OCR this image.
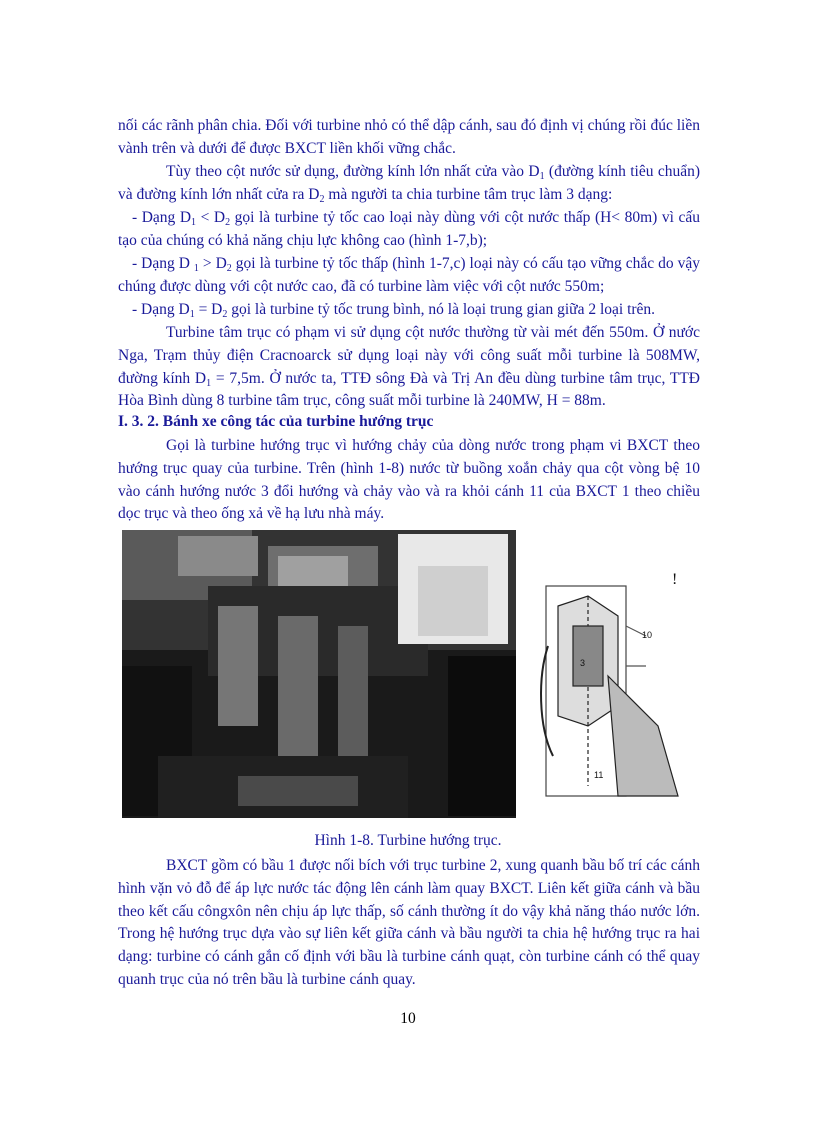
nối các rãnh phân chia. Đối với turbine nhỏ có thể dập cánh, sau đó định vị chúng rồi đúc liền vành trên và dưới để được BXCT liền khối vững chắc.

Tùy theo cột nước sử dụng, đường kính lớn nhất cửa vào $D_1$ (đường kính tiêu chuẩn) và đường kính lớn nhất cửa ra $D_2$ mà người ta chia turbine tâm trục làm 3 dạng:

- Dạng $D_1 < D_2$ gọi là turbine tỷ tốc cao loại này dùng với cột nước thấp (H< 80m) vì cấu tạo của chúng có khả năng chịu lực không cao (hình 1-7,b);

- Dạng D $_1 > D_2$ gọi là turbine tỷ tốc thấp (hình 1-7,c) loại này có cấu tạo vững chắc do vậy chúng được dùng với cột nước cao, đã có turbine làm việc với cột nước 550m;

- Dạng $D_1 = D_2$ gọi là turbine tỷ tốc trung bình, nó là loại trung gian giữa 2 loại trên.

Turbine tâm trục có phạm vi sử dụng cột nước thường từ vài mét đến 550m. Ở nước Nga, Trạm thủy điện Cracnoarck sử dụng loại này với công suất mỗi turbine là 508MW, đường kính $D_1 = 7,5m$. Ở nước ta, TTĐ sông Đà và Trị An đều dùng turbine tâm trục, TTĐ Hòa Bình dùng 8 turbine tâm trục, công suất mỗi turbine là 240MW, H = 88m.

I. 3. 2. Bánh xe công tác của turbine hướng trục

Gọi là turbine hướng trục vì hướng chảy của dòng nước trong phạm vi BXCT theo hướng trục quay của turbine. Trên (hình 1-8) nước từ buồng xoắn chảy qua cột vòng bệ 10 vào cánh hướng nước 3 đổi hướng và chảy vào và ra khỏi cánh 11 của BXCT 1 theo chiều dọc trục và theo ống xả về hạ lưu nhà máy.

!
10
3
11

Hình 1-8. Turbine hướng trục.

BXCT gồm có bầu 1 được nối bích với trục turbine 2, xung quanh bầu bố trí các cánh hình vặn vỏ đỗ để áp lực nước tác động lên cánh làm quay BXCT. Liên kết giữa cánh và bầu theo kết cấu côngxôn nên chịu áp lực thấp, số cánh thường ít do vậy khả năng tháo nước lớn. Trong hệ hướng trục dựa vào sự liên kết giữa cánh và bầu người ta chia hệ hướng trục ra hai dạng: turbine có cánh gắn cố định với bầu là turbine cánh quạt, còn turbine cánh có thể quay quanh trục của nó trên bầu là turbine cánh quay.

10
